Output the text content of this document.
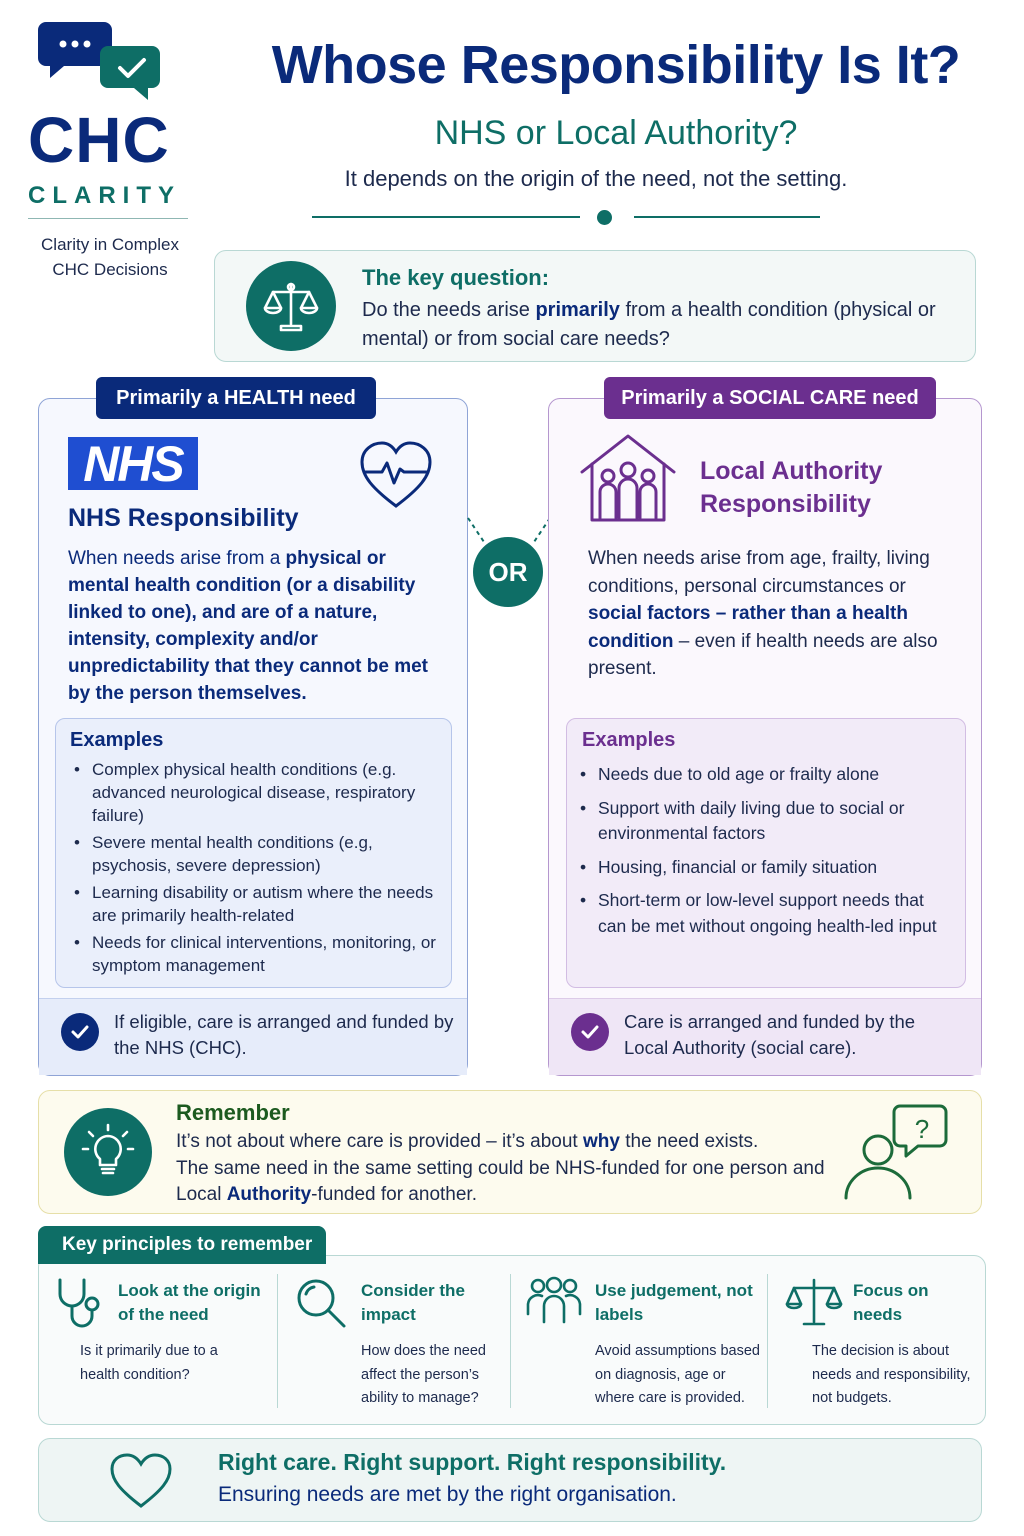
CHC
CLARITY
Clarity in Complex CHC Decisions
Whose Responsibility Is It?
NHS or Local Authority?
It depends on the origin of the need, not the setting.
The key question:
Do the needs arise primarily from a health condition (physical or mental) or from social care needs?
Primarily a HEALTH need
NHS
NHS Responsibility
When needs arise from a physical or mental health condition (or a disability linked to one), and are of a nature, intensity, complexity and/or unpredictability that they cannot be met by the person themselves.
Examples
• Complex physical health conditions (e.g. advanced neurological disease, respiratory failure)
• Severe mental health conditions (e.g, psychosis, severe depression)
• Learning disability or autism where the needs are primarily health-related
• Needs for clinical interventions, monitoring, or symptom management
If eligible, care is arranged and funded by the NHS (CHC).
OR
Primarily a SOCIAL CARE need
Local Authority Responsibility
When needs arise from age, frailty, living conditions, personal circumstances or social factors – rather than a health condition – even if health needs are also present.
Examples
• Needs due to old age or frailty alone
• Support with daily living due to social or environmental factors
• Housing, financial or family situation
• Short-term or low-level support needs that can be met without ongoing health-led input
Care is arranged and funded by the Local Authority (social care).
Remember
It’s not about where care is provided – it’s about why the need exists.
The same need in the same setting could be NHS-funded for one person and Local Authority-funded for another.
?
Key principles to remember
Look at the origin of the need
Is it primarily due to a health condition?
Consider the impact
How does the need affect the person’s ability to manage?
Use judgement, not labels
Avoid assumptions based on diagnosis, age or where care is provided.
Focus on needs
The decision is about needs and responsibility, not budgets.
Right care. Right support. Right responsibility.
Ensuring needs are met by the right organisation.
